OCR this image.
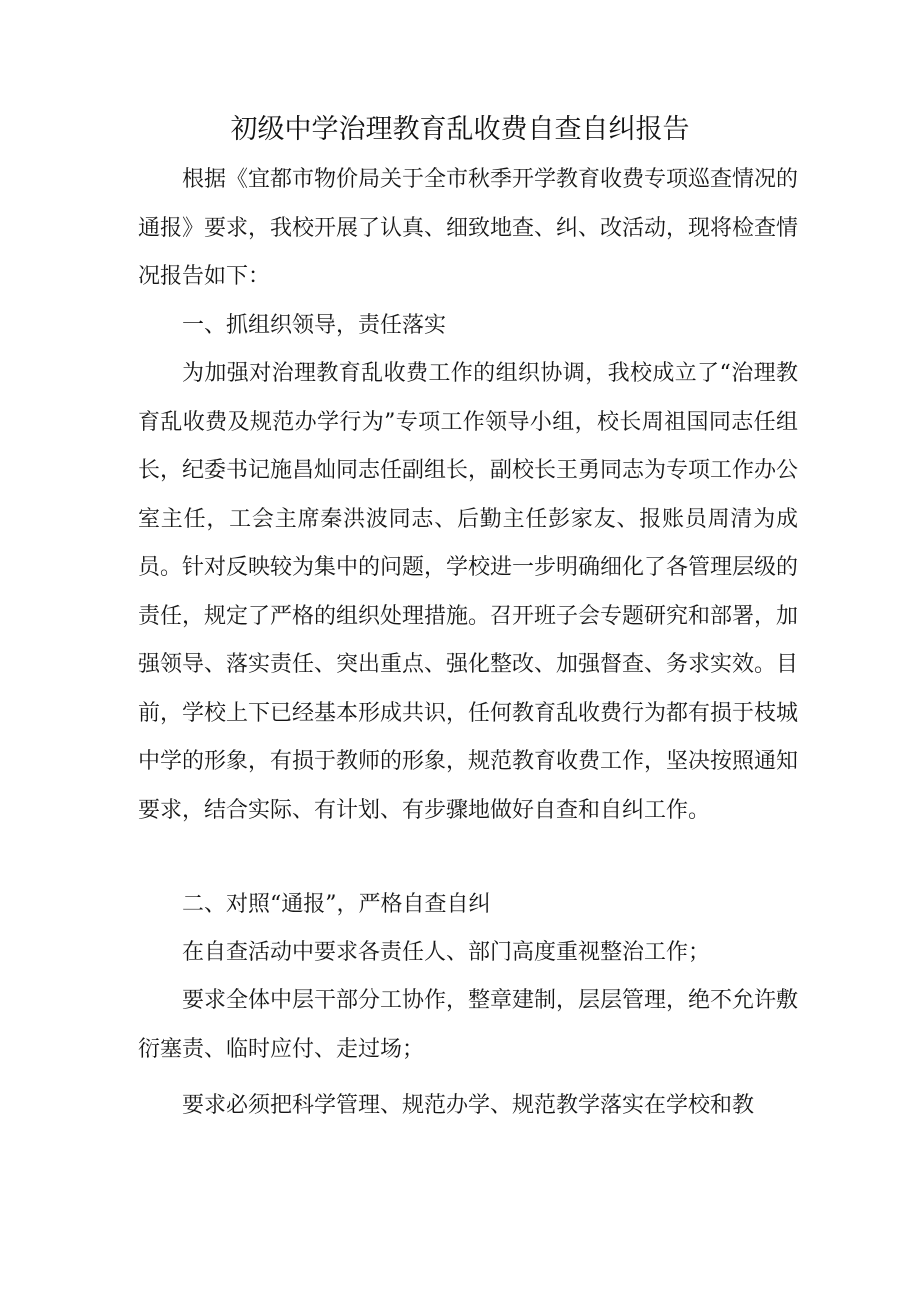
初级中学治理教育乱收费自查自纠报告

根据《宜都市物价局关于全市秋季开学教育收费专项巡查情况的通报》要求，我校开展了认真、细致地查、纠、改活动，现将检查情况报告如下：

一、抓组织领导，责任落实

为加强对治理教育乱收费工作的组织协调，我校成立了“治理教育乱收费及规范办学行为”专项工作领导小组，校长周祖国同志任组长，纪委书记施昌灿同志任副组长，副校长王勇同志为专项工作办公室主任，工会主席秦洪波同志、后勤主任彭家友、报账员周清为成员。针对反映较为集中的问题，学校进一步明确细化了各管理层级的责任，规定了严格的组织处理措施。召开班子会专题研究和部署，加强领导、落实责任、突出重点、强化整改、加强督查、务求实效。目前，学校上下已经基本形成共识，任何教育乱收费行为都有损于枝城中学的形象，有损于教师的形象，规范教育收费工作，坚决按照通知要求，结合实际、有计划、有步骤地做好自查和自纠工作。

二、对照“通报”，严格自查自纠

在自查活动中要求各责任人、部门高度重视整治工作；

要求全体中层干部分工协作，整章建制，层层管理，绝不允许敷衍塞责、临时应付、走过场；

要求必须把科学管理、规范办学、规范教学落实在学校和教
